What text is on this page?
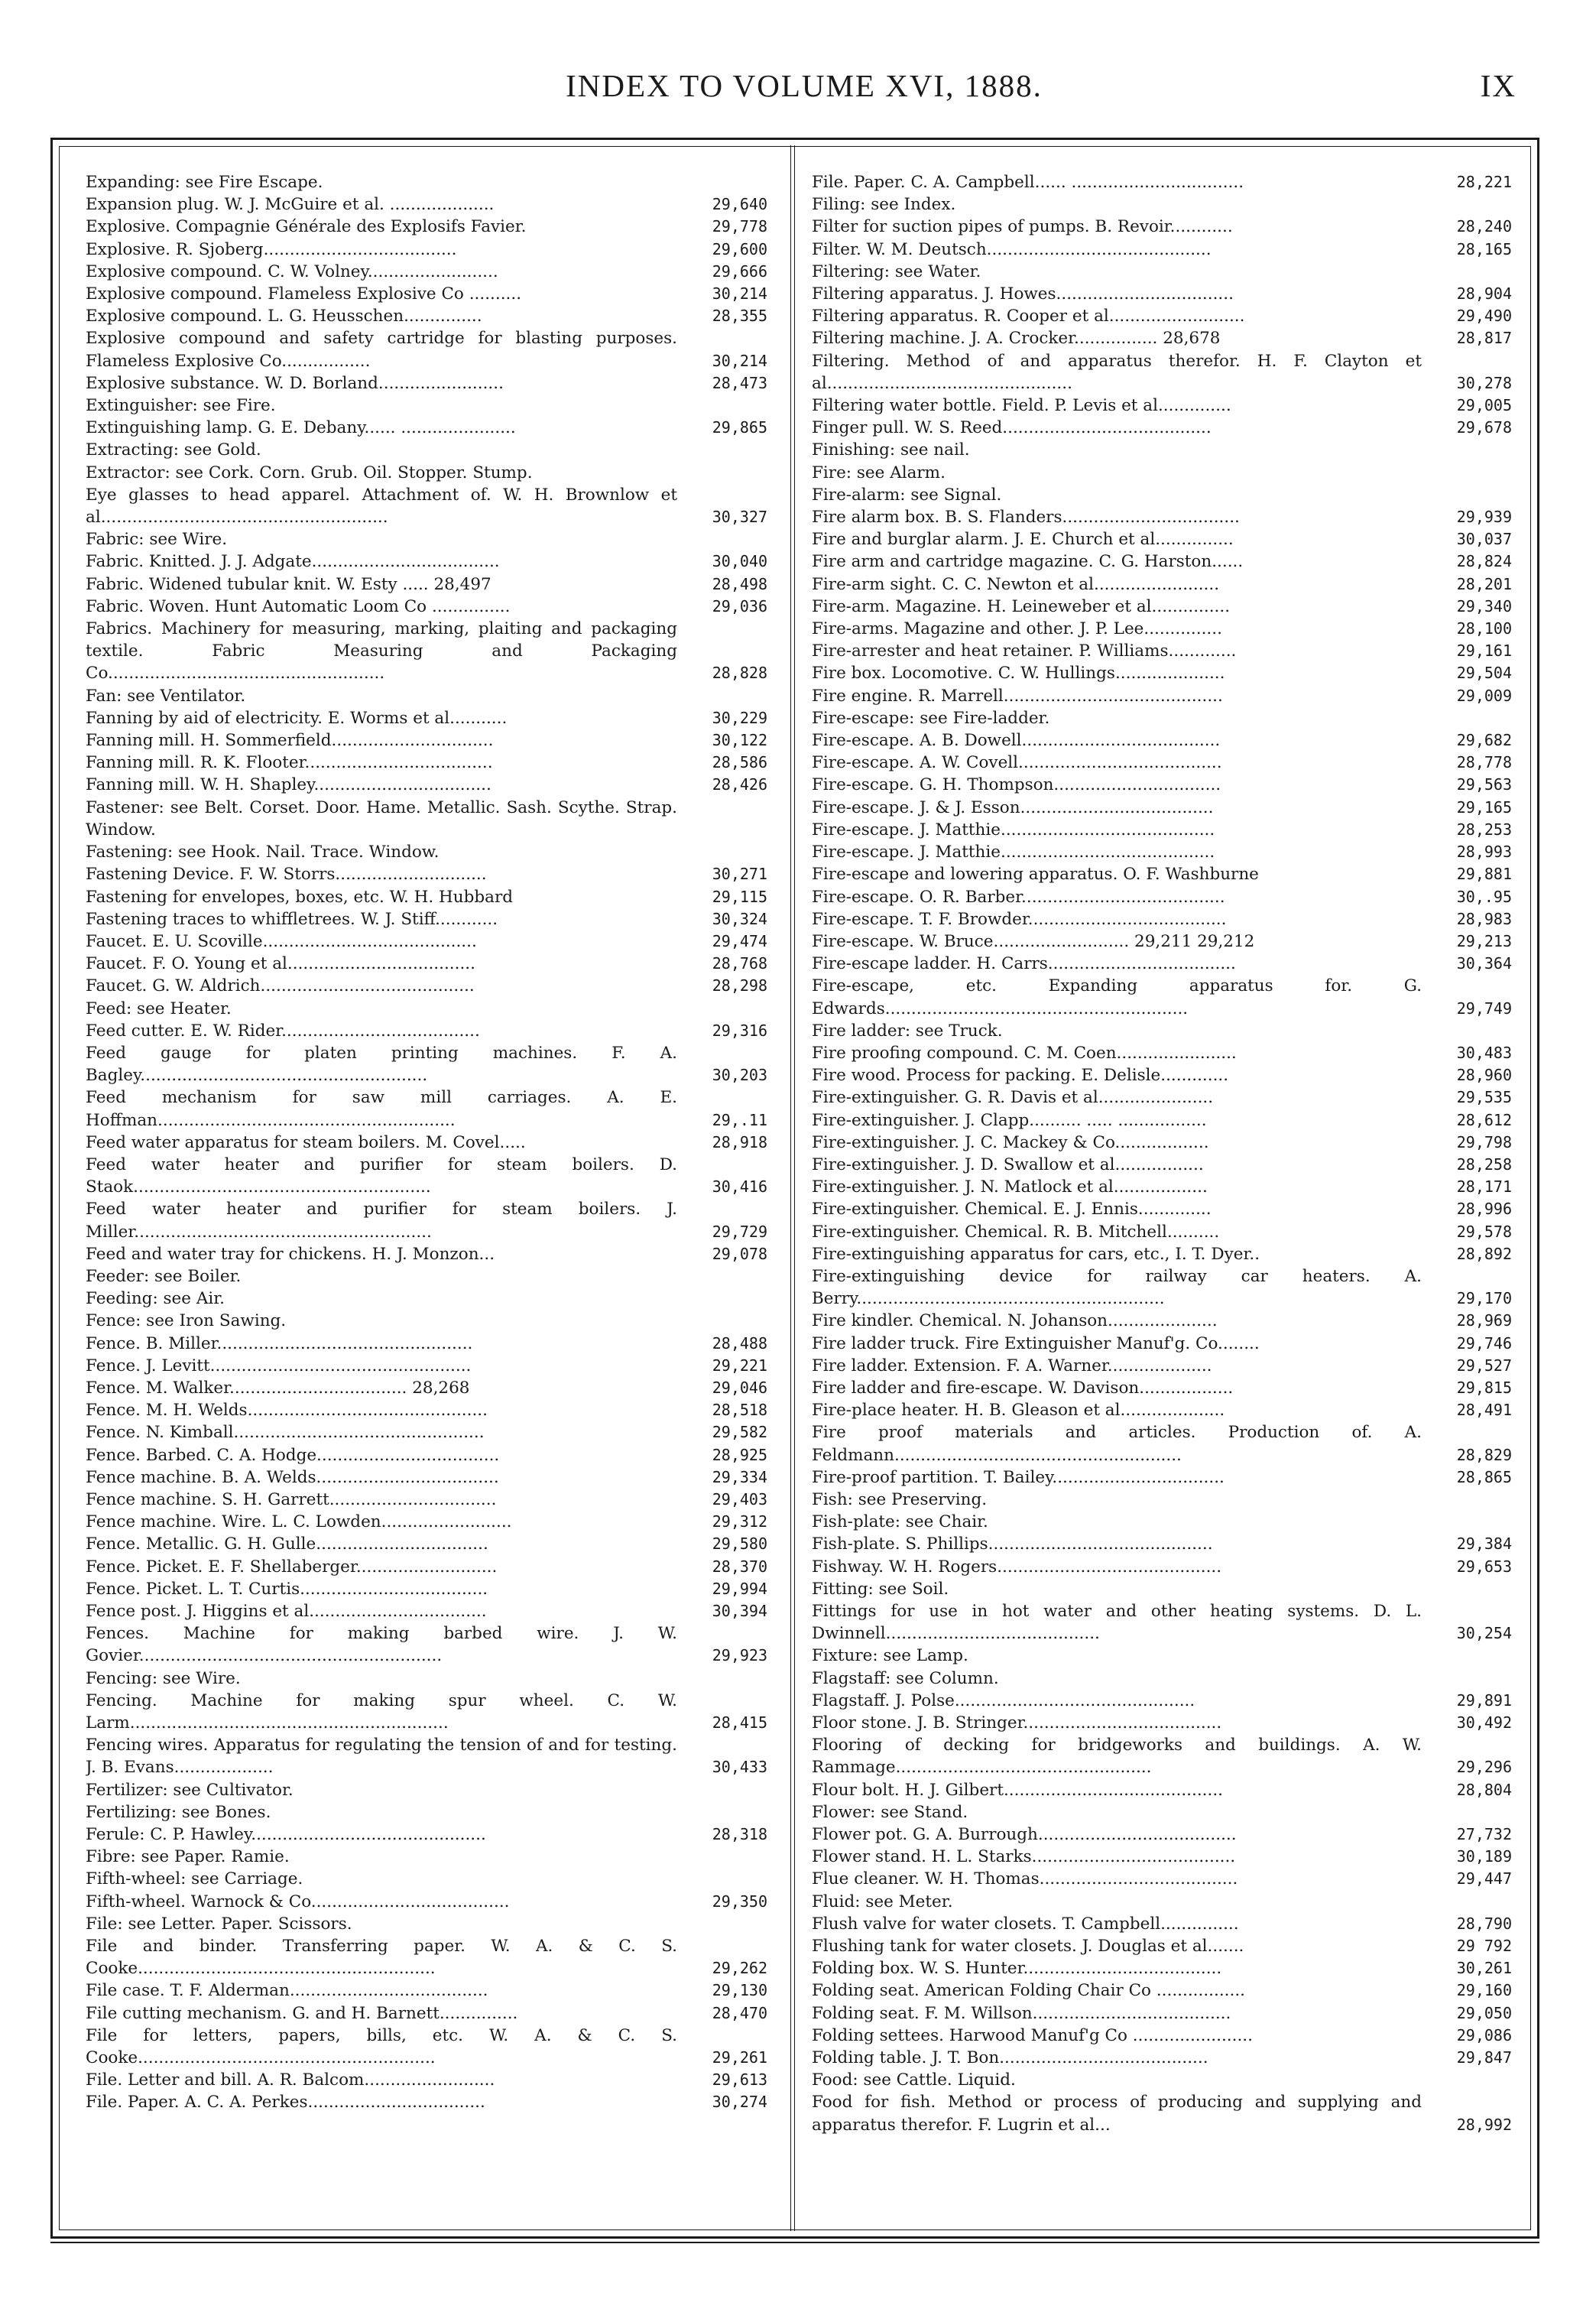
INDEX TO VOLUME XVI, 1888.	IX
Expanding: see Fire Escape.
Expansion plug. W. J. McGuire et al. ....................	29,640
Explosive. Compagnie Générale des Explosifs Favier.	29,778
Explosive. R. Sjoberg.....................................	29,600
Explosive compound. C. W. Volney.........................	29,666
Explosive compound. Flameless Explosive Co ..........	30,214
Explosive compound. L. G. Heusschen...............	28,355
Explosive compound and safety cartridge for blasting purposes. Flameless Explosive Co.................	30,214
Explosive substance. W. D. Borland........................	28,473
Extinguisher: see Fire.
Extinguishing lamp. G. E. Debany...... ......................	29,865
Extracting: see Gold.
Extractor: see Cork. Corn. Grub. Oil. Stopper. Stump.
Eye glasses to head apparel. Attachment of. W. H. Brownlow et al.......................................................	30,327
Fabric: see Wire.
Fabric. Knitted. J. J. Adgate....................................	30,040
Fabric. Widened tubular knit. W. Esty ..... 28,497	28,498
Fabric. Woven. Hunt Automatic Loom Co ...............	29,036
Fabrics. Machinery for measuring, marking, plaiting and packaging textile. Fabric Measuring and Packaging Co.....................................................	28,828
Fan: see Ventilator.
Fanning by aid of electricity. E. Worms et al...........	30,229
Fanning mill. H. Sommerfield...............................	30,122
Fanning mill. R. K. Flooter....................................	28,586
Fanning mill. W. H. Shapley..................................	28,426
Fastener: see Belt. Corset. Door. Hame. Metallic. Sash. Scythe. Strap. Window.
Fastening: see Hook. Nail. Trace. Window.
Fastening Device. F. W. Storrs.............................	30,271
Fastening for envelopes, boxes, etc. W. H. Hubbard	29,115
Fastening traces to whiffletrees. W. J. Stiff............	30,324
Faucet. E. U. Scoville.........................................	29,474
Faucet. F. O. Young et al....................................	28,768
Faucet. G. W. Aldrich.........................................	28,298
Feed: see Heater.
Feed cutter. E. W. Rider......................................	29,316
Feed gauge for platen printing machines. F. A. Bagley.......................................................	30,203
Feed mechanism for saw mill carriages. A. E. Hoffman.........................................................	29,.11
Feed water apparatus for steam boilers. M. Covel.....	28,918
Feed water heater and purifier for steam boilers. D. Staok.........................................................	30,416
Feed water heater and purifier for steam boilers. J. Miller.........................................................	29,729
Feed and water tray for chickens. H. J. Monzon...	29,078
Feeder: see Boiler.
Feeding: see Air.
Fence: see Iron Sawing.
Fence. B. Miller.................................................	28,488
Fence. J. Levitt..................................................	29,221
Fence. M. Walker.................................. 28,268	29,046
Fence. M. H. Welds..............................................	28,518
Fence. N. Kimball................................................	29,582
Fence. Barbed. C. A. Hodge...................................	28,925
Fence machine. B. A. Welds...................................	29,334
Fence machine. S. H. Garrett................................	29,403
Fence machine. Wire. L. C. Lowden.........................	29,312
Fence. Metallic. G. H. Gulle.................................	29,580
Fence. Picket. E. F. Shellaberger...........................	28,370
Fence. Picket. L. T. Curtis....................................	29,994
Fence post. J. Higgins et al..................................	30,394
Fences. Machine for making barbed wire. J. W. Govier..........................................................	29,923
Fencing: see Wire.
Fencing. Machine for making spur wheel. C. W. Larm.............................................................	28,415
Fencing wires. Apparatus for regulating the tension of and for testing. J. B. Evans...................	30,433
Fertilizer: see Cultivator.
Fertilizing: see Bones.
Ferule: C. P. Hawley.............................................	28,318
Fibre: see Paper. Ramie.
Fifth-wheel: see Carriage.
Fifth-wheel. Warnock & Co......................................	29,350
File: see Letter. Paper. Scissors.
File and binder. Transferring paper. W. A. & C. S. Cooke.........................................................	29,262
File case. T. F. Alderman......................................	29,130
File cutting mechanism. G. and H. Barnett...............	28,470
File for letters, papers, bills, etc. W. A. & C. S. Cooke.........................................................	29,261
File. Letter and bill. A. R. Balcom.........................	29,613
File. Paper. A. C. A. Perkes..................................	30,274
File. Paper. C. A. Campbell...... .................................	28,221
Filing: see Index.
Filter for suction pipes of pumps. B. Revoir............	28,240
Filter. W. M. Deutsch...........................................	28,165
Filtering: see Water.
Filtering apparatus. J. Howes..................................	28,904
Filtering apparatus. R. Cooper et al..........................	29,490
Filtering machine. J. A. Crocker................ 28,678	28,817
Filtering. Method of and apparatus therefor. H. F. Clayton et al...............................................	30,278
Filtering water bottle. Field. P. Levis et al..............	29,005
Finger pull. W. S. Reed........................................	29,678
Finishing: see nail.
Fire: see Alarm.
Fire-alarm: see Signal.
Fire alarm box. B. S. Flanders..................................	29,939
Fire and burglar alarm. J. E. Church et al...............	30,037
Fire arm and cartridge magazine. C. G. Harston......	28,824
Fire-arm sight. C. C. Newton et al........................	28,201
Fire-arm. Magazine. H. Leineweber et al...............	29,340
Fire-arms. Magazine and other. J. P. Lee...............	28,100
Fire-arrester and heat retainer. P. Williams.............	29,161
Fire box. Locomotive. C. W. Hullings.....................	29,504
Fire engine. R. Marrell..........................................	29,009
Fire-escape: see Fire-ladder.
Fire-escape. A. B. Dowell......................................	29,682
Fire-escape. A. W. Covell.......................................	28,778
Fire-escape. G. H. Thompson................................	29,563
Fire-escape. J. & J. Esson.....................................	29,165
Fire-escape. J. Matthie.........................................	28,253
Fire-escape. J. Matthie.........................................	28,993
Fire-escape and lowering apparatus. O. F. Washburne	29,881
Fire-escape. O. R. Barber.......................................	30,.95
Fire-escape. T. F. Browder......................................	28,983
Fire-escape. W. Bruce.......................... 29,211 29,212	29,213
Fire-escape ladder. H. Carrs....................................	30,364
Fire-escape, etc. Expanding apparatus for. G. Edwards..........................................................	29,749
Fire ladder: see Truck.
Fire proofing compound. C. M. Coen.......................	30,483
Fire wood. Process for packing. E. Delisle.............	28,960
Fire-extinguisher. G. R. Davis et al......................	29,535
Fire-extinguisher. J. Clapp.......... ..... .................	28,612
Fire-extinguisher. J. C. Mackey & Co..................	29,798
Fire-extinguisher. J. D. Swallow et al.................	28,258
Fire-extinguisher. J. N. Matlock et al..................	28,171
Fire-extinguisher. Chemical. E. J. Ennis..............	28,996
Fire-extinguisher. Chemical. R. B. Mitchell..........	29,578
Fire-extinguishing apparatus for cars, etc., I. T. Dyer..	28,892
Fire-extinguishing device for railway car heaters. A. Berry...........................................................	29,170
Fire kindler. Chemical. N. Johanson.....................	28,969
Fire ladder truck. Fire Extinguisher Manuf'g. Co........	29,746
Fire ladder. Extension. F. A. Warner....................	29,527
Fire ladder and fire-escape. W. Davison..................	29,815
Fire-place heater. H. B. Gleason et al....................	28,491
Fire proof materials and articles. Production of. A. Feldmann.......................................................	28,829
Fire-proof partition. T. Bailey.................................	28,865
Fish: see Preserving.
Fish-plate: see Chair.
Fish-plate. S. Phillips...........................................	29,384
Fishway. W. H. Rogers...........................................	29,653
Fitting: see Soil.
Fittings for use in hot water and other heating systems. D. L. Dwinnell.........................................	30,254
Fixture: see Lamp.
Flagstaff: see Column.
Flagstaff. J. Polse..............................................	29,891
Floor stone. J. B. Stringer......................................	30,492
Flooring of decking for bridgeworks and buildings. A. W. Rammage.................................................	29,296
Flour bolt. H. J. Gilbert..........................................	28,804
Flower: see Stand.
Flower pot. G. A. Burrough......................................	27,732
Flower stand. H. L. Starks.......................................	30,189
Flue cleaner. W. H. Thomas......................................	29,447
Fluid: see Meter.
Flush valve for water closets. T. Campbell...............	28,790
Flushing tank for water closets. J. Douglas et al.......	29 792
Folding box. W. S. Hunter......................................	30,261
Folding seat. American Folding Chair Co .................	29,160
Folding seat. F. M. Willson......................................	29,050
Folding settees. Harwood Manuf'g Co .......................	29,086
Folding table. J. T. Bon........................................	29,847
Food: see Cattle. Liquid.
Food for fish. Method or process of producing and supplying and apparatus therefor. F. Lugrin et al...	28,992
